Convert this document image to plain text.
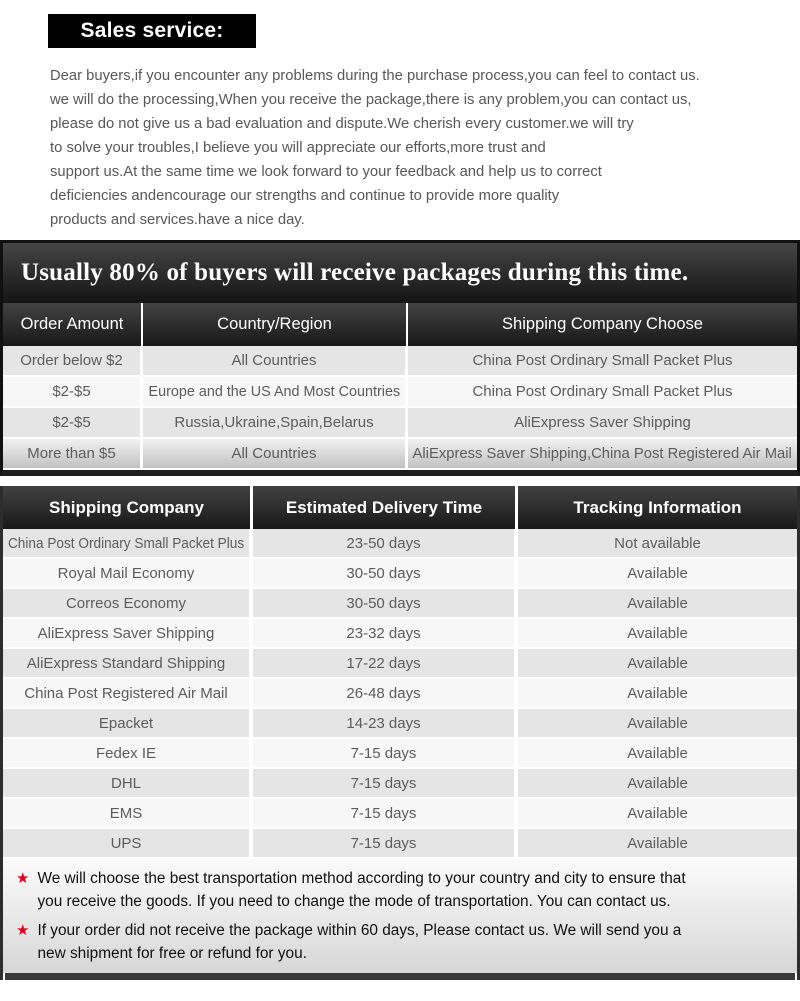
Sales service:
Dear buyers,if you encounter any problems during the purchase process,you can feel to contact us.
we will do the processing,When you receive the package,there is any problem,you can contact us,
please do not give us a bad evaluation and dispute.We cherish every customer.we will try
to solve your troubles,I believe you will appreciate our efforts,more trust and
support us.At the same time we look forward to your feedback and help us to correct
deficiencies andencourage our strengths and continue to provide more quality
products and services.have a nice day.
Usually 80% of buyers will receive packages during this time.
Order Amount	Country/Region	Shipping Company Choose
Order below $2	All Countries	China Post Ordinary Small Packet Plus
$2-$5	Europe and the US And Most Countries	China Post Ordinary Small Packet Plus
$2-$5	Russia,Ukraine,Spain,Belarus	AliExpress Saver Shipping
More than $5	All Countries	AliExpress Saver Shipping,China Post Registered Air Mail
Shipping Company	Estimated Delivery Time	Tracking Information
China Post Ordinary Small Packet Plus	23-50 days	Not available
Royal Mail Economy	30-50 days	Available
Correos Economy	30-50 days	Available
AliExpress Saver Shipping	23-32 days	Available
AliExpress Standard Shipping	17-22 days	Available
China Post Registered Air Mail	26-48 days	Available
Epacket	14-23 days	Available
Fedex IE	7-15 days	Available
DHL	7-15 days	Available
EMS	7-15 days	Available
UPS	7-15 days	Available
★ We will choose the best transportation method according to your country and city to ensure that
you receive the goods. If you need to change the mode of transportation. You can contact us.
★ If your order did not receive the package within 60 days, Please contact us. We will send you a
new shipment for free or refund for you.
